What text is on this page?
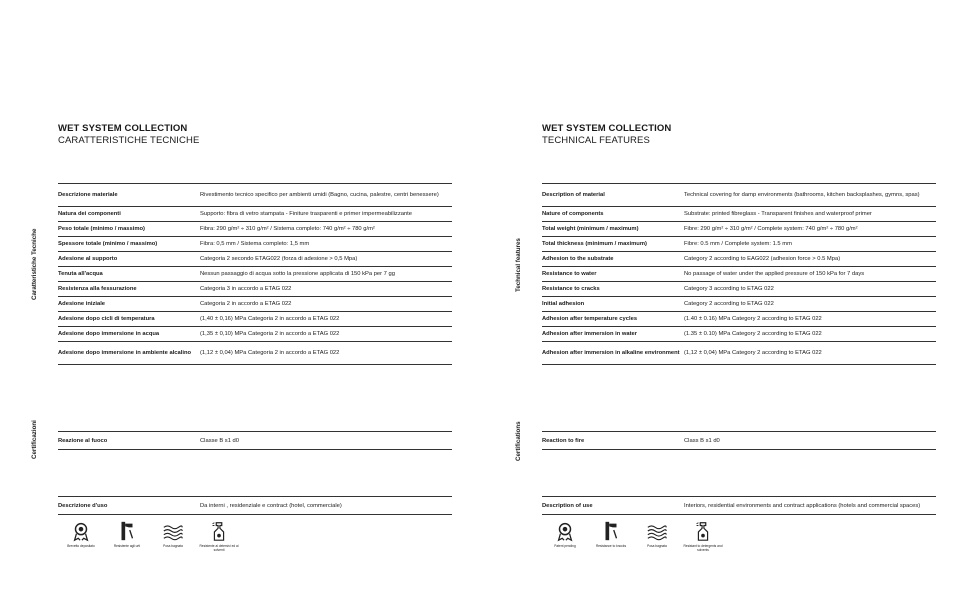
WET SYSTEM COLLECTION
CARATTERISTICHE TECNICHE
Caratteristiche Tecniche
Certificazioni
Descrizione materiale	Rivestimento tecnico specifico per ambienti umidi (Bagno, cucina, palestre, centri benessere)
Natura dei componenti	Supporto: fibra di vetro stampata - Finiture trasparenti e primer impermeabilizzante
Peso totale (minimo / massimo)	Fibra: 290 g/m² ÷ 310 g/m² / Sistema completo: 740 g/m² ÷ 780 g/m²
Spessore totale (minimo / massimo)	Fibra: 0,5 mm / Sistema completo: 1,5 mm
Adesione al supporto	Categoria 2 secondo ETAG022 (forza di adesione > 0,5 Mpa)
Tenuta all'acqua	Nessun passaggio di acqua sotto la pressione applicata di 150 kPa per 7 gg
Resistenza alla fessurazione	Categoria 3 in accordo a ETAG 022
Adesione iniziale	Categoria 2 in accordo a ETAG 022
Adesione dopo cicli di temperatura	(1,40 ± 0,16) MPa Categoria 2 in accordo a ETAG 022
Adesione dopo immersione in acqua	(1,35 ± 0,10) MPa Categoria 2 in accordo a ETAG 022
Adesione dopo immersione in ambiente alcalino	(1,12 ± 0,04) MPa Categoria 2 in accordo a ETAG 022
Reazione al fuoco	Classe B s1 d0
Descrizione d'uso	Da interni , residenziale e contract (hotel, commerciale)
Brevetto depositato	Resistente agli urti	Posa bagnata	Resistente ai detersivi ed ai solventi
WET SYSTEM COLLECTION
TECHNICAL FEATURES
Technical features
Certifications
Description of material	Technical covering for damp environments (bathrooms, kitchen backsplashes, gymns, spas)
Nature of components	Substrate: printed fibreglass - Transparent finishes and waterproof primer
Total weight (minimum / maximum)	Fibre: 290 g/m² ÷ 310 g/m² / Complete system: 740 g/m² ÷ 780 g/m²
Total thickness (minimum / maximum)	Fibre: 0.5 mm / Complete system: 1.5 mm
Adhesion to the substrate	Category 2 according to EAG022 (adhesion force > 0.5 Mpa)
Resistance to water	No passage of water under the applied pressure of 150 kPa for 7 days
Resistance to cracks	Category 3 according to ETAG 022
Initial adhesion	Category 2 according to ETAG 022
Adhesion after temperature cycles	(1.40 ± 0.16) MPa Category 2 according to ETAG 022
Adhesion after immersion in water	(1.35 ± 0.10) MPa Category 2 according to ETAG 022
Adhesion after immersion in alkaline environment (1,12 ± 0,04) MPa Category 2 according to ETAG 022
Reaction to fire	Class B s1 d0
Description of use	Interiors, residential environments and contract applications (hotels and commercial spaces)
Patent pending	Resistance to knocks	Posa bagnata	Resistant to detergents and solvents
